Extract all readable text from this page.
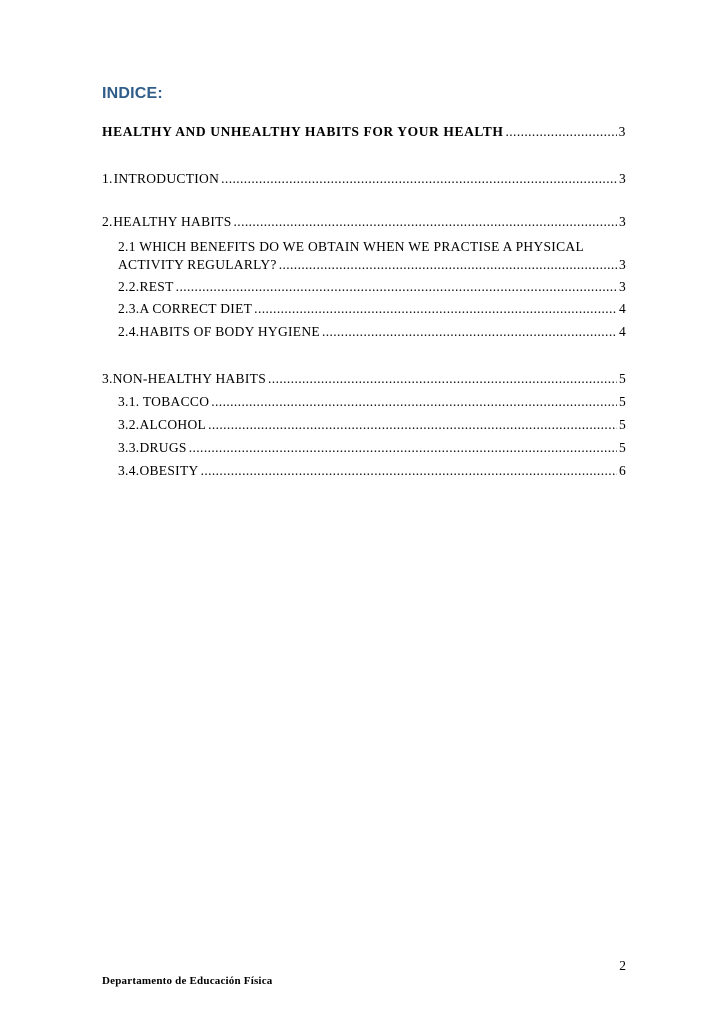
INDICE:
HEALTHY AND UNHEALTHY HABITS FOR YOUR HEALTH .....	3
1. INTRODUCTION .....	3
2. HEALTHY HABITS .....	3
2.1 WHICH BENEFITS DO WE OBTAIN WHEN WE PRACTISE A PHYSICAL
ACTIVITY REGULARLY? .....	3
2.2. REST .....	3
2.3. A CORRECT DIET .....	4
2.4. HABITS OF BODY HYGIENE .....	4
3. NON-HEALTHY HABITS .....	5
3.1. TOBACCO .....	5
3.2. ALCOHOL .....	5
3.3. DRUGS .....	5
3.4. OBESITY .....	6
2
Departamento de Educación Física
